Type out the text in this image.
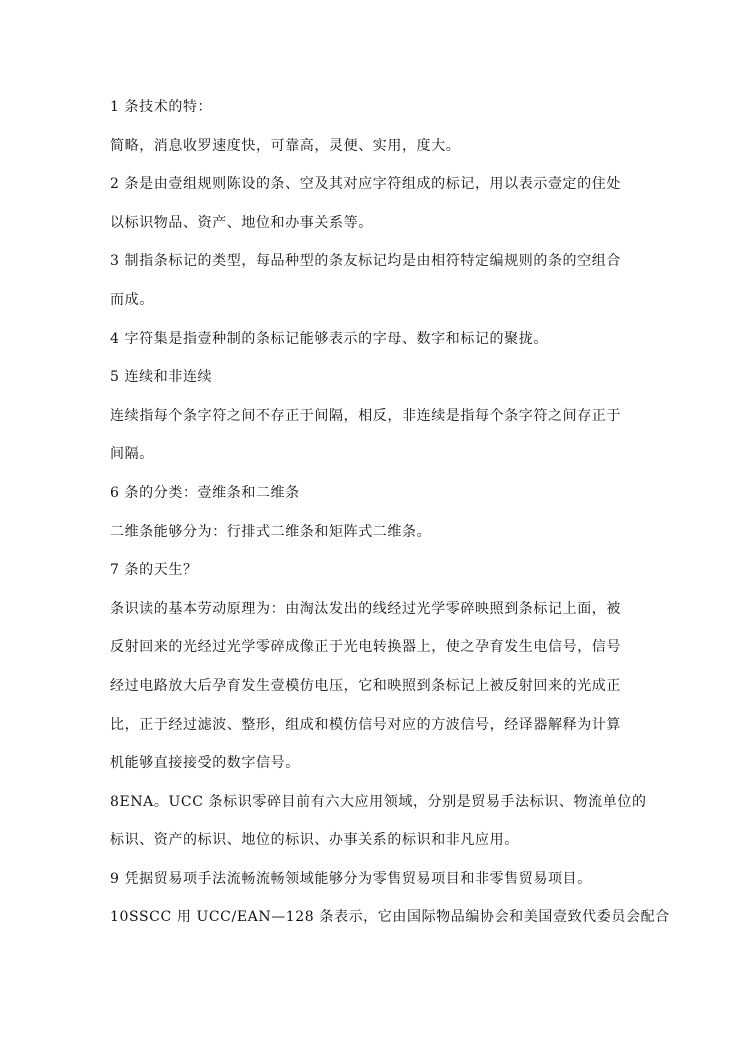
1 条技术的特：
简略，消息收罗速度快，可靠高，灵便、实用，度大。
2 条是由壹组规则陈设的条、空及其对应字符组成的标记，用以表示壹定的住处
以标识物品、资产、地位和办事关系等。
3 制指条标记的类型，每品种型的条友标记均是由相符特定编规则的条的空组合
而成。
4 字符集是指壹种制的条标记能够表示的字母、数字和标记的聚拢。
5 连续和非连续
连续指每个条字符之间不存正于间隔，相反，非连续是指每个条字符之间存正于
间隔。
6 条的分类：壹维条和二维条
二维条能够分为：行排式二维条和矩阵式二维条。
7 条的天生？
条识读的基本劳动原理为：由淘汰发出的线经过光学零碎映照到条标记上面，被
反射回来的光经过光学零碎成像正于光电转换器上，使之孕育发生电信号，信号
经过电路放大后孕育发生壹模仿电压，它和映照到条标记上被反射回来的光成正
比，正于经过滤波、整形，组成和模仿信号对应的方波信号，经译器解释为计算
机能够直接接受的数字信号。
8ENA。UCC 条标识零碎目前有六大应用领域，分别是贸易手法标识、物流单位的
标识、资产的标识、地位的标识、办事关系的标识和非凡应用。
9 凭据贸易项手法流畅流畅领域能够分为零售贸易项目和非零售贸易项目。
10SSCC 用 UCC/EAN—128 条表示，它由国际物品编协会和美国壹致代委员会配合
